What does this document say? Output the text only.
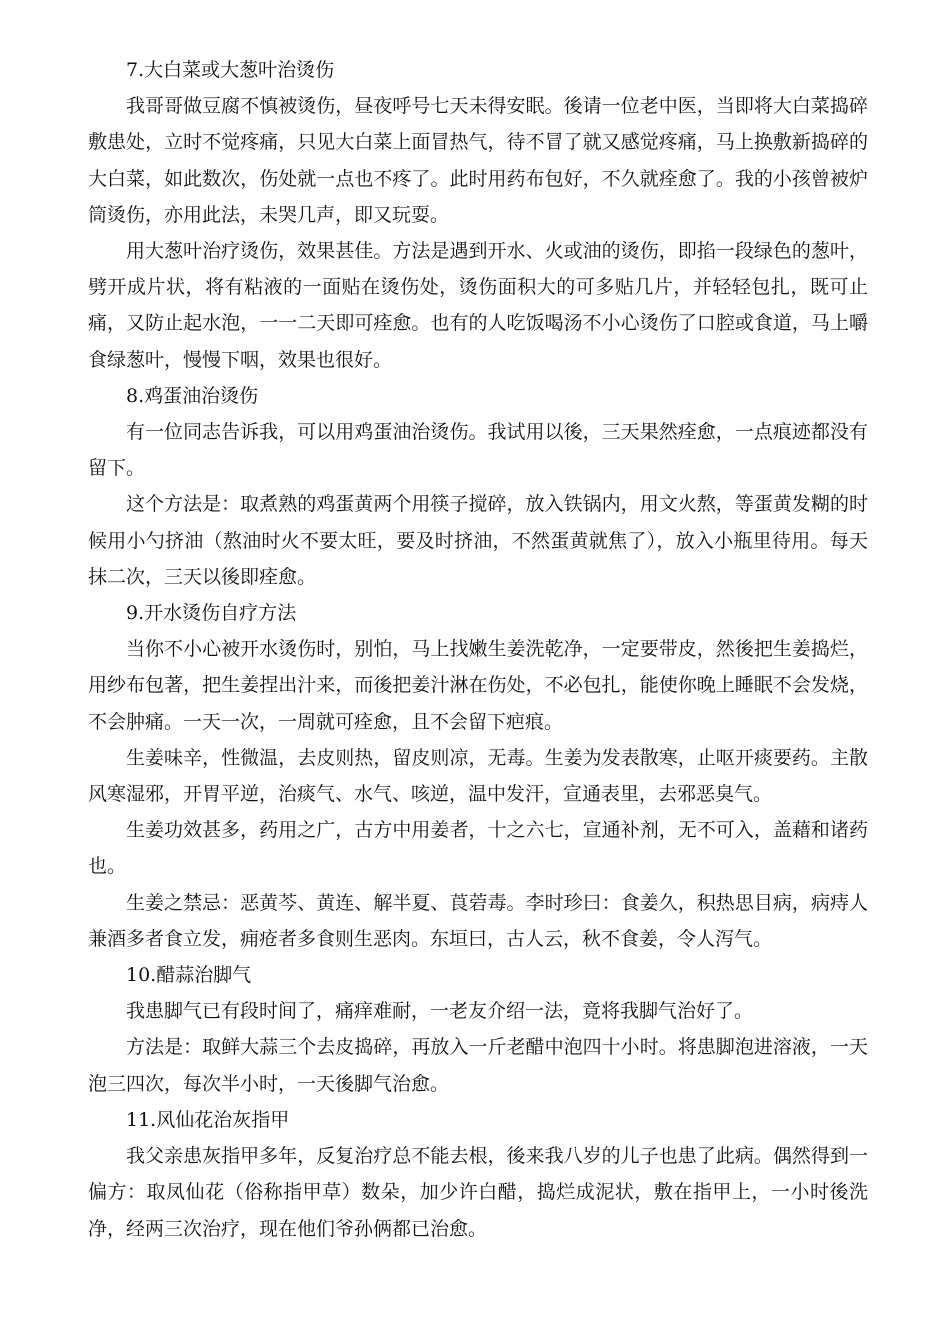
7.大白菜或大葱叶治烫伤

我哥哥做豆腐不慎被烫伤，昼夜呼号七天未得安眠。後请一位老中医，当即将大白菜捣碎敷患处，立时不觉疼痛，只见大白菜上面冒热气，待不冒了就又感觉疼痛，马上换敷新捣碎的大白菜，如此数次，伤处就一点也不疼了。此时用药布包好，不久就痊愈了。我的小孩曾被炉筒烫伤，亦用此法，未哭几声，即又玩耍。

用大葱叶治疗烫伤，效果甚佳。方法是遇到开水、火或油的烫伤，即掐一段绿色的葱叶，劈开成片状，将有粘液的一面贴在烫伤处，烫伤面积大的可多贴几片，并轻轻包扎，既可止痛，又防止起水泡，一一二天即可痊愈。也有的人吃饭喝汤不小心烫伤了口腔或食道，马上嚼食绿葱叶，慢慢下咽，效果也很好。

8.鸡蛋油治烫伤

有一位同志告诉我，可以用鸡蛋油治烫伤。我试用以後，三天果然痊愈，一点痕迹都没有留下。

这个方法是：取煮熟的鸡蛋黄两个用筷子搅碎，放入铁锅内，用文火熬，等蛋黄发糊的时候用小勺挤油（熬油时火不要太旺，要及时挤油，不然蛋黄就焦了），放入小瓶里待用。每天抹二次，三天以後即痊愈。

9.开水烫伤自疗方法

当你不小心被开水烫伤时，别怕，马上找嫩生姜洗乾净，一定要带皮，然後把生姜捣烂，用纱布包著，把生姜捏出汁来，而後把姜汁淋在伤处，不必包扎，能使你晚上睡眠不会发烧，不会肿痛。一天一次，一周就可痊愈，且不会留下疤痕。

生姜味辛，性微温，去皮则热，留皮则凉，无毒。生姜为发表散寒，止呕开痰要药。主散风寒湿邪，开胃平逆，治痰气、水气、咳逆，温中发汗，宣通表里，去邪恶臭气。

生姜功效甚多，药用之广，古方中用姜者，十之六七，宣通补剂，无不可入，盖藉和诸药也。

生姜之禁忌：恶黄芩、黄连、解半夏、莨菪毒。李时珍曰：食姜久，积热思目病，病痔人兼酒多者食立发，痈疮者多食则生恶肉。东垣曰，古人云，秋不食姜，令人泻气。

10.醋蒜治脚气

我患脚气已有段时间了，痛痒难耐，一老友介绍一法，竟将我脚气治好了。

方法是：取鲜大蒜三个去皮捣碎，再放入一斤老醋中泡四十小时。将患脚泡进溶液，一天泡三四次，每次半小时，一天後脚气治愈。

11.风仙花治灰指甲

我父亲患灰指甲多年，反复治疗总不能去根，後来我八岁的儿子也患了此病。偶然得到一偏方：取凤仙花（俗称指甲草）数朵，加少许白醋，捣烂成泥状，敷在指甲上，一小时後洗净，经两三次治疗，现在他们爷孙俩都已治愈。
